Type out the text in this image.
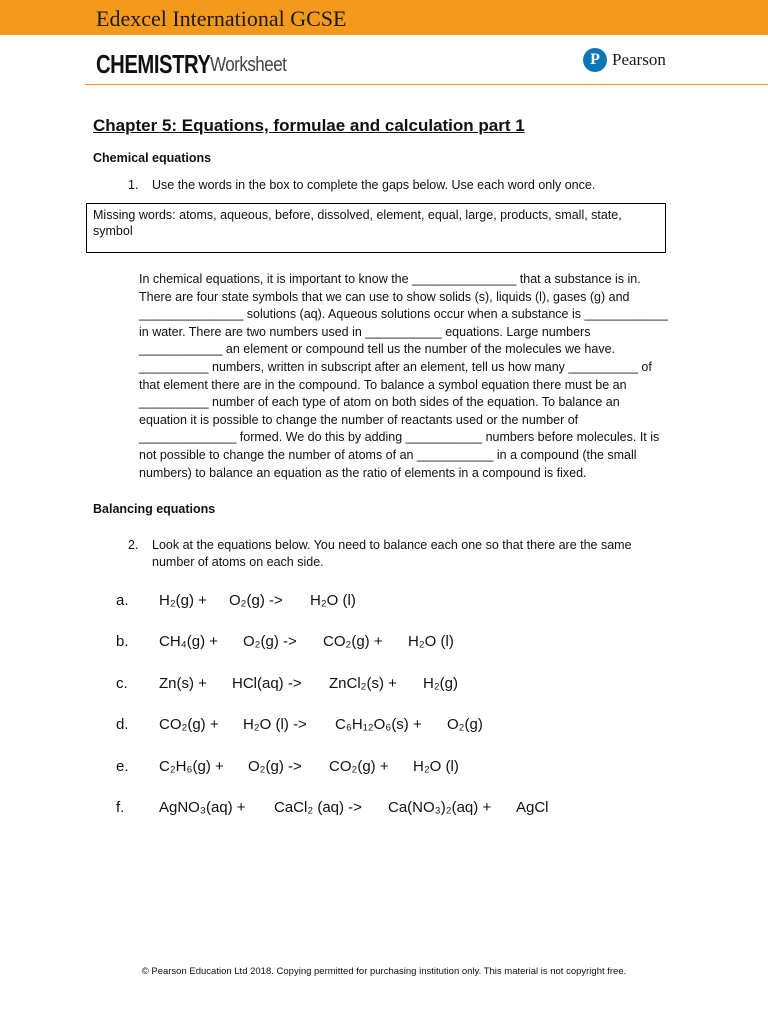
Edexcel International GCSE
CHEMISTRY Worksheet	P Pearson
Chapter 5: Equations, formulae and calculation part 1
Chemical equations
1. Use the words in the box to complete the gaps below. Use each word only once.
Missing words: atoms, aqueous, before, dissolved, element, equal, large, products, small, state, symbol
In chemical equations, it is important to know the _______________ that a substance is in.
There are four state symbols that we can use to show solids (s), liquids (l), gases (g) and
_______________ solutions (aq). Aqueous solutions occur when a substance is ____________
in water. There are two numbers used in ___________ equations. Large numbers
____________ an element or compound tell us the number of the molecules we have.
__________ numbers, written in subscript after an element, tell us how many __________ of
that element there are in the compound. To balance a symbol equation there must be an
__________ number of each type of atom on both sides of the equation. To balance an
equation it is possible to change the number of reactants used or the number of
______________ formed. We do this by adding ___________ numbers before molecules. It is
not possible to change the number of atoms of an ___________ in a compound (the small
numbers) to balance an equation as the ratio of elements in a compound is fixed.
Balancing equations
2. Look at the equations below. You need to balance each one so that there are the same
number of atoms on each side.
a. H₂(g) + O₂(g) -> H₂O (l)
b. CH₄(g) + O₂(g) -> CO₂(g) + H₂O (l)
c. Zn(s) + HCl(aq) -> ZnCl₂(s) + H₂(g)
d. CO₂(g) + H₂O (l) -> C₆H₁₂O₆(s) + O₂(g)
e. C₂H₆(g) + O₂(g) -> CO₂(g) + H₂O (l)
f. AgNO₃(aq) + CaCl₂ (aq) -> Ca(NO₃)₂(aq) + AgCl
© Pearson Education Ltd 2018. Copying permitted for purchasing institution only. This material is not copyright free.
